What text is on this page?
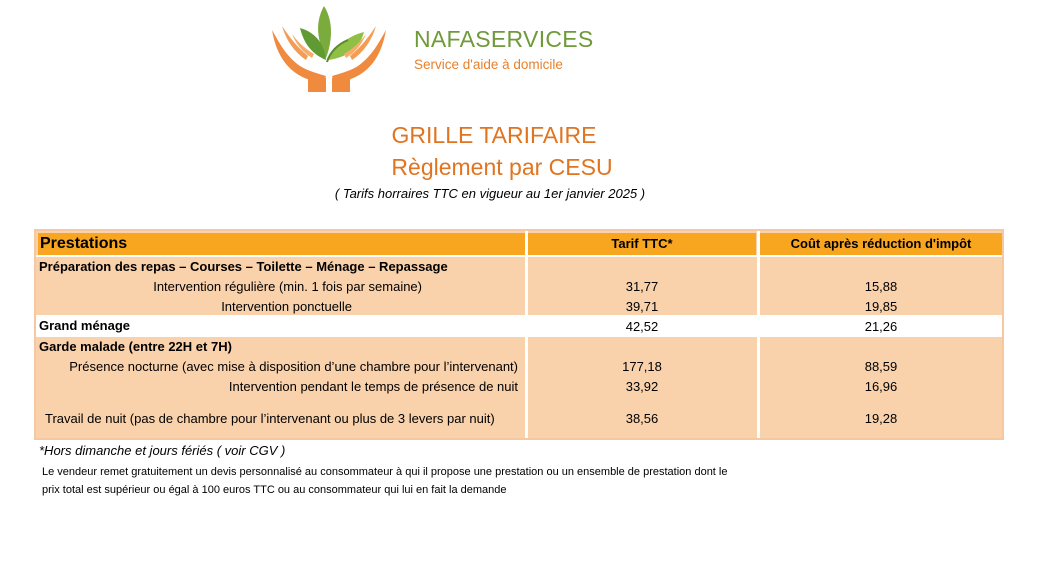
NAFASERVICES
Service d'aide à domicile
GRILLE TARIFAIRE
Règlement par CESU
( Tarifs horraires TTC en vigueur au 1er janvier 2025 )
Prestations	Tarif TTC*	Coût après réduction d'impôt
Préparation des repas – Courses – Toilette – Ménage – Repassage
Intervention régulière (min. 1 fois par semaine)	31,77	15,88
Intervention ponctuelle	39,71	19,85
Grand ménage	42,52	21,26
Garde malade (entre 22H et 7H)
Présence nocturne (avec mise à disposition d’une chambre pour l’intervenant)	177,18	88,59
Intervention pendant le temps de présence de nuit	33,92	16,96
Travail de nuit (pas de chambre pour l’intervenant ou plus de 3 levers par nuit)	38,56	19,28
*Hors dimanche et jours fériés ( voir CGV )
Le vendeur remet gratuitement un devis personnalisé au consommateur à qui il propose une prestation ou un ensemble de prestation dont le
prix total est supérieur ou égal à 100 euros TTC ou au consommateur qui lui en fait la demande
